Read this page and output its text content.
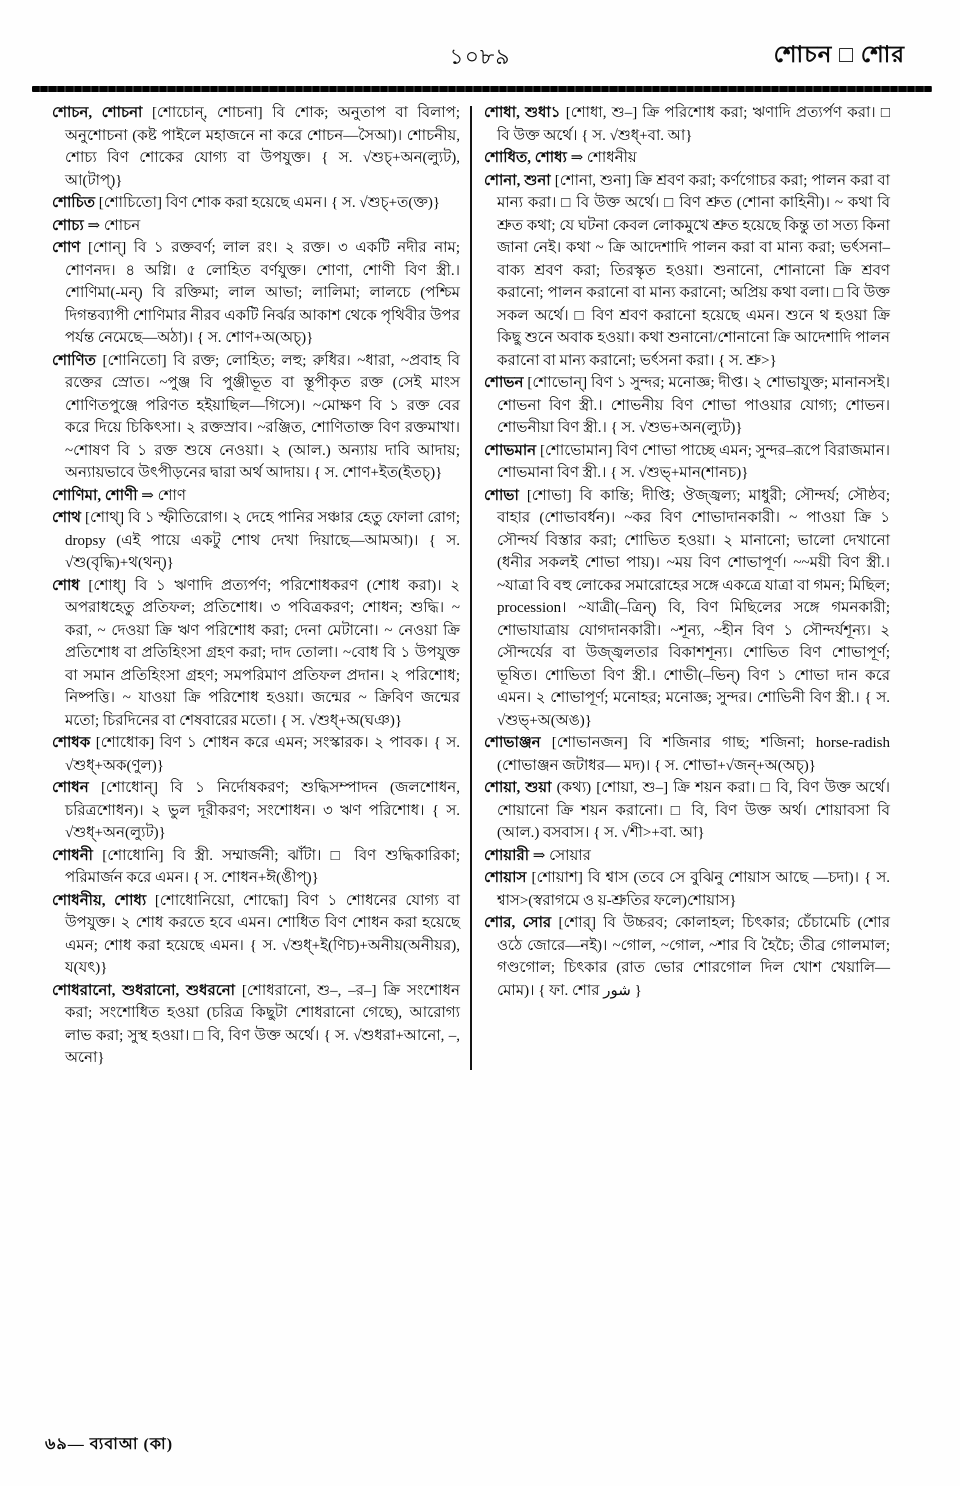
১০৮৯	শোচন □ শোর

শোচন, শোচনা [শোচোন্, শোচনা] বি শোক; অনুতাপ বা বিলাপ; অনুশোচনা (কষ্ট পাইলে মহাজনে না করে শোচন—সৈআ)। শোচনীয়, শোচ্য বিণ শোকের যোগ্য বা উপযুক্ত। { স. √শুচ্+অন(ল্যুট), আ(টাপ্)}

শোচিত [শোচিতো] বিণ শোক করা হয়েছে এমন। { স. √শুচ্+ত(ক্ত)}

শোচ্য ⇒ শোচন

শোণ [শোন্] বি ১ রক্তবর্ণ; লাল রং। ২ রক্ত। ৩ একটি নদীর নাম; শোণনদ। ৪ অগ্নি। ৫ লোহিত বর্ণযুক্ত। শোণা, শোণী বিণ স্ত্রী.। শোণিমা(-মন্) বি রক্তিমা; লাল আভা; লালিমা; লালচে (পশ্চিম দিগন্তব্যাপী শোণিমার নীরব একটি নির্ঝর আকাশ থেকে পৃথিবীর উপর পর্যন্ত নেমেছে—অঠা)। { স. শোণ+অ(অচ্)}

শোণিত [শোনিতো] বি রক্ত; লোহিত; লহু; রুধির। ~ধারা, ~প্রবাহ বি রক্তের স্রোত। ~পুঞ্জ বি পুঞ্জীভূত বা স্তূপীকৃত রক্ত (সেই মাংস শোণিতপুঞ্জে পরিণত হইয়াছিল—গিসে)। ~মোক্ষণ বি ১ রক্ত বের করে দিয়ে চিকিৎসা। ২ রক্তস্রাব। ~রঞ্জিত, শোণিতাক্ত বিণ রক্তমাখা। ~শোষণ বি ১ রক্ত শুষে নেওয়া। ২ (আল.) অন্যায় দাবি আদায়; অন্যায়ভাবে উৎপীড়নের দ্বারা অর্থ আদায়। { স. শোণ+ইত(ইতচ্)}

শোণিমা, শোণী ⇒ শোণ

শোথ [শোথ্] বি ১ স্ফীতিরোগ। ২ দেহে পানির সঞ্চার হেতু ফোলা রোগ; dropsy (এই পায়ে একটু শোথ দেখা দিয়াছে—আমআ)। { স. √শু(বৃদ্ধি)+থ(থন্)}

শোধ [শোধ্] বি ১ ঋণাদি প্রত্যর্পণ; পরিশোধকরণ (শোধ করা)। ২ অপরাধহেতু প্রতিফল; প্রতিশোধ। ৩ পবিত্রকরণ; শোধন; শুদ্ধি। ~ করা, ~ দেওয়া ক্রি ঋণ পরিশোধ করা; দেনা মেটানো। ~ নেওয়া ক্রি প্রতিশোধ বা প্রতিহিংসা গ্রহণ করা; দাদ তোলা। ~বোধ বি ১ উপযুক্ত বা সমান প্রতিহিংসা গ্রহণ; সমপরিমাণ প্রতিফল প্রদান। ২ পরিশোধ; নিষ্পত্তি। ~ যাওয়া ক্রি পরিশোধ হওয়া। জন্মের ~ ক্রিবিণ জন্মের মতো; চিরদিনের বা শেষবারের মতো। { স. √শুধ্+অ(ঘঞ)}

শোধক [শোধোক] বিণ ১ শোধন করে এমন; সংস্কারক। ২ পাবক। { স. √শুধ্+অক(ণুল)}

শোধন [শোধোন্] বি ১ নির্দোষকরণ; শুদ্ধিসম্পাদন (জলশোধন, চরিত্রশোধন)। ২ ভুল দূরীকরণ; সংশোধন। ৩ ঋণ পরিশোধ। { স. √শুধ্+অন(ল্যুট)}

শোধনী [শোধোনি] বি স্ত্রী. সম্মার্জনী; ঝাঁটা। □ বিণ শুদ্ধিকারিকা; পরিমার্জন করে এমন। { স. শোধন+ঈ(ঙীপ্)}

শোধনীয়, শোধ্য [শোধোনিয়ো, শোদ্ধো] বিণ ১ শোধনের যোগ্য বা উপযুক্ত। ২ শোধ করতে হবে এমন। শোধিত বিণ শোধন করা হয়েছে এমন; শোধ করা হয়েছে এমন। { স. √শুধ্+ই(ণিচ)+অনীয়(অনীয়র), য(যৎ)}

শোধরানো, শুধরানো, শুধরনো [শোধরানো, শু–, –র–] ক্রি সংশোধন করা; সংশোধিত হওয়া (চরিত্র কিছুটা শোধরানো গেছে), আরোগ্য লাভ করা; সুস্থ হওয়া। □ বি, বিণ উক্ত অর্থে। { স. √শুধরা+আনো, –, অনো}

শোধা, শুধা১ [শোধা, শু–] ক্রি পরিশোধ করা; ঋণাদি প্রত্যর্পণ করা। □ বি উক্ত অর্থে। { স. √শুধ্+বা. আ}

শোধিত, শোধ্য ⇒ শোধনীয়

শোনা, শুনা [শোনা, শুনা] ক্রি শ্রবণ করা; কর্ণগোচর করা; পালন করা বা মান্য করা। □ বি উক্ত অর্থে। □ বিণ শ্রুত (শোনা কাহিনী)। ~ কথা বি শ্রুত কথা; যে ঘটনা কেবল লোকমুখে শ্রুত হয়েছে কিন্তু তা সত্য কিনা জানা নেই। কথা ~ ক্রি আদেশাদি পালন করা বা মান্য করা; ভর্ৎসনা–বাক্য শ্রবণ করা; তিরস্কৃত হওয়া। শুনানো, শোনানো ক্রি শ্রবণ করানো; পালন করানো বা মান্য করানো; অপ্রিয় কথা বলা। □ বি উক্ত সকল অর্থে। □ বিণ শ্রবণ করানো হয়েছে এমন। শুনে থ হওয়া ক্রি কিছু শুনে অবাক হওয়া। কথা শুনানো/শোনানো ক্রি আদেশাদি পালন করানো বা মান্য করানো; ভর্ৎসনা করা। { স. শ্রু>}

শোভন [শোভোন্] বিণ ১ সুন্দর; মনোজ্ঞ; দীপ্ত। ২ শোভাযুক্ত; মানানসই। শোভনা বিণ স্ত্রী.। শোভনীয় বিণ শোভা পাওয়ার যোগ্য; শোভন। শোভনীয়া বিণ স্ত্রী.। { স. √শুভ+অন(ল্যুট)}

শোভমান [শোভোমান] বিণ শোভা পাচ্ছে এমন; সুন্দর–রূপে বিরাজমান। শোভমানা বিণ স্ত্রী.। { স. √শুভ্+মান(শানচ)}

শোভা [শোভা] বি কান্তি; দীপ্তি; ঔজ্জ্বল্য; মাধুরী; সৌন্দর্য; সৌষ্ঠব; বাহার (শোভাবর্ধন)। ~কর বিণ শোভাদানকারী। ~ পাওয়া ক্রি ১ সৌন্দর্য বিস্তার করা; শোভিত হওয়া। ২ মানানো; ভালো দেখানো (ধনীর সকলই শোভা পায়)। ~ময় বিণ শোভাপূর্ণ। ~~ময়ী বিণ স্ত্রী.। ~যাত্রা বি বহু লোকের সমারোহের সঙ্গে একত্রে যাত্রা বা গমন; মিছিল; procession। ~যাত্রী(–ত্রিন্) বি, বিণ মিছিলের সঙ্গে গমনকারী; শোভাযাত্রায় যোগদানকারী। ~শূন্য, ~হীন বিণ ১ সৌন্দর্যশূন্য। ২ সৌন্দর্যের বা উজ্জ্বলতার বিকাশশূন্য। শোভিত বিণ শোভাপূর্ণ; ভূষিত। শোভিতা বিণ স্ত্রী.। শোভী(–ভিন্) বিণ ১ শোভা দান করে এমন। ২ শোভাপূর্ণ; মনোহর; মনোজ্ঞ; সুন্দর। শোভিনী বিণ স্ত্রী.। { স. √শুভ্+অ(অঙ)}

শোভাঞ্জন [শোভানজন] বি শজিনার গাছ; শজিনা; horse-radish (শোভাঞ্জন জটাধর— মদ)। { স. শোভা+√জন্+অ(অচ্)}

শোয়া, শুয়া (কথ্য) [শোয়া, শু–] ক্রি শয়ন করা। □ বি, বিণ উক্ত অর্থে। শোয়ানো ক্রি শয়ন করানো। □ বি, বিণ উক্ত অর্থ। শোয়াবসা বি (আল.) বসবাস। { স. √শী>+বা. আ}

শোয়ারী ⇒ সোয়ার

শোয়াস [শোয়াশ] বি শ্বাস (তবে সে বুঝিনু শোয়াস আছে —চদা)। { স. শ্বাস>(স্বরাগমে ও য়-শ্রুতির ফলে)শোয়াস}

শোর, সোর [শোর্] বি উচ্চরব; কোলাহল; চিৎকার; চেঁচামেচি (শোর ওঠে জোরে—নই)। ~গোল, ~গোল, ~শার বি হৈচৈ; তীব্র গোলমাল; গণ্ডগোল; চিৎকার (রাত ভোর শোরগোল দিল খোশ খেয়ালি—মোম)। { ফা. শোর شور }

৬৯— ব্যবাআ (কা)
